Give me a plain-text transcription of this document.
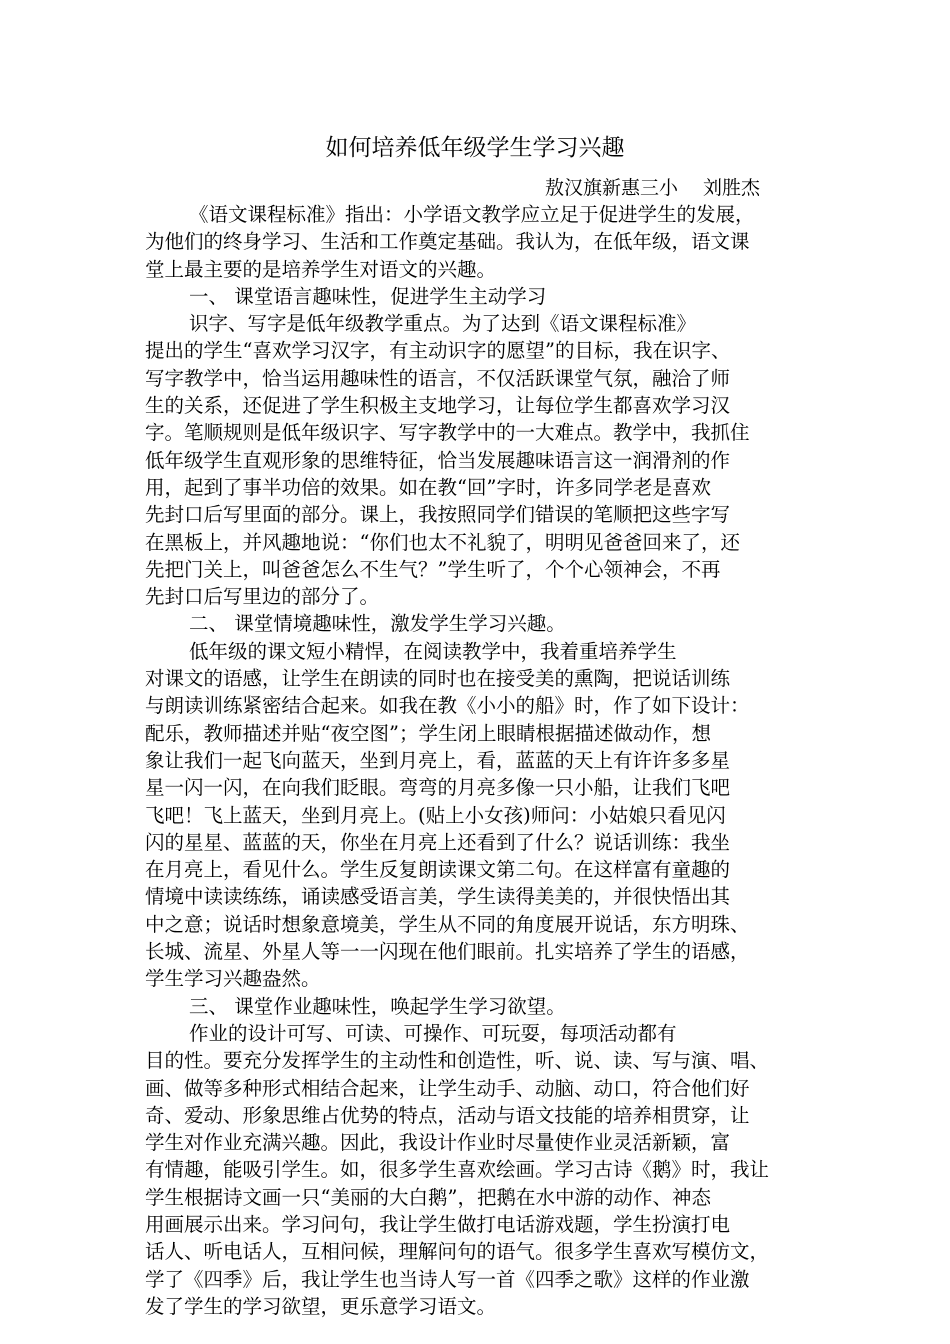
如何培养低年级学生学习兴趣
敖汉旗新惠三小　 刘胜杰
《语文课程标准》指出：小学语文教学应立足于促进学生的发展，
为他们的终身学习、生活和工作奠定基础。我认为，在低年级，语文课
堂上最主要的是培养学生对语文的兴趣。
一、 课堂语言趣味性，促进学生主动学习
识字、写字是低年级教学重点。为了达到《语文课程标准》
提出的学生“喜欢学习汉字，有主动识字的愿望”的目标，我在识字、
写字教学中，恰当运用趣味性的语言，不仅活跃课堂气氛，融洽了师
生的关系，还促进了学生积极主支地学习，让每位学生都喜欢学习汉
字。笔顺规则是低年级识字、写字教学中的一大难点。教学中，我抓住
低年级学生直观形象的思维特征，恰当发展趣味语言这一润滑剂的作
用，起到了事半功倍的效果。如在教“回”字时，许多同学老是喜欢
先封口后写里面的部分。课上，我按照同学们错误的笔顺把这些字写
在黑板上，并风趣地说：“你们也太不礼貌了，明明见爸爸回来了，还
先把门关上，叫爸爸怎么不生气？”学生听了，个个心领神会，不再
先封口后写里边的部分了。
二、 课堂情境趣味性，激发学生学习兴趣。
低年级的课文短小精悍，在阅读教学中，我着重培养学生
对课文的语感，让学生在朗读的同时也在接受美的熏陶，把说话训练
与朗读训练紧密结合起来。如我在教《小小的船》时，作了如下设计：
配乐，教师描述并贴“夜空图”；学生闭上眼睛根据描述做动作，想
象让我们一起飞向蓝天，坐到月亮上，看，蓝蓝的天上有许许多多星
星一闪一闪，在向我们眨眼。弯弯的月亮多像一只小船，让我们飞吧
飞吧！飞上蓝天，坐到月亮上。(贴上小女孩)师问：小姑娘只看见闪
闪的星星、蓝蓝的天，你坐在月亮上还看到了什么？说话训练：我坐
在月亮上，看见什么。学生反复朗读课文第二句。在这样富有童趣的
情境中读读练练，诵读感受语言美，学生读得美美的，并很快悟出其
中之意；说话时想象意境美，学生从不同的角度展开说话，东方明珠、
长城、流星、外星人等一一闪现在他们眼前。扎实培养了学生的语感，
学生学习兴趣盎然。
三、 课堂作业趣味性，唤起学生学习欲望。
作业的设计可写、可读、可操作、可玩耍，每项活动都有
目的性。要充分发挥学生的主动性和创造性，听、说、读、写与演、唱、
画、做等多种形式相结合起来，让学生动手、动脑、动口，符合他们好
奇、爱动、形象思维占优势的特点，活动与语文技能的培养相贯穿，让
学生对作业充满兴趣。因此，我设计作业时尽量使作业灵活新颖，富
有情趣，能吸引学生。如，很多学生喜欢绘画。学习古诗《鹅》时，我让
学生根据诗文画一只“美丽的大白鹅”，把鹅在水中游的动作、神态
用画展示出来。学习问句，我让学生做打电话游戏题，学生扮演打电
话人、听电话人，互相问候，理解问句的语气。很多学生喜欢写模仿文，
学了《四季》后，我让学生也当诗人写一首《四季之歌》这样的作业激
发了学生的学习欲望，更乐意学习语文。
